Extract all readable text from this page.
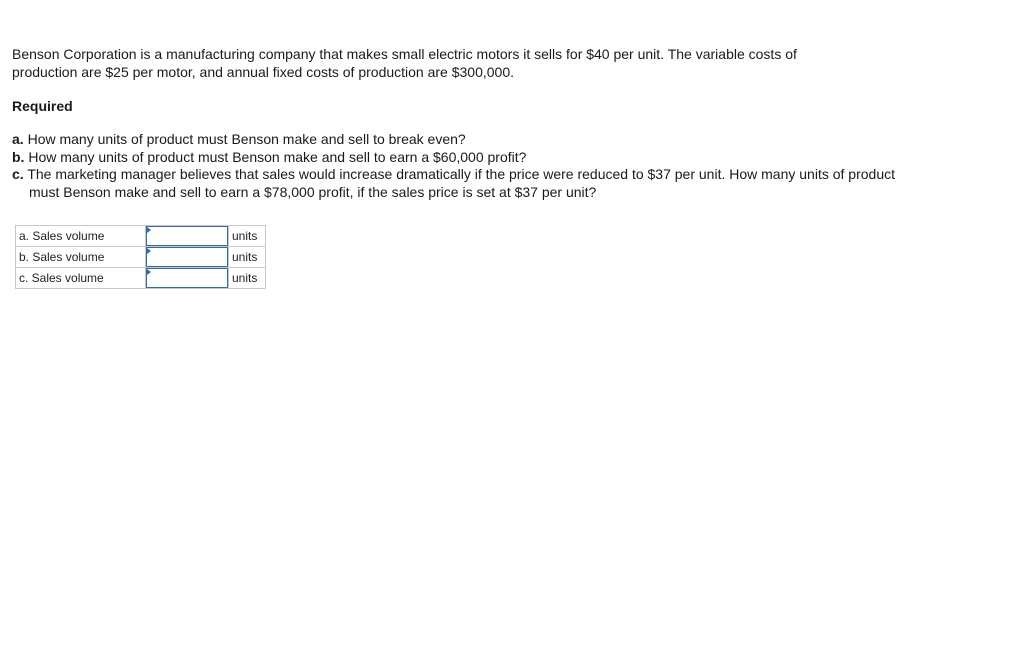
Benson Corporation is a manufacturing company that makes small electric motors it sells for $40 per unit. The variable costs of
production are $25 per motor, and annual fixed costs of production are $300,000.

Required

a. How many units of product must Benson make and sell to break even?

b. How many units of product must Benson make and sell to earn a $60,000 profit?

c. The marketing manager believes that sales would increase dramatically if the price were reduced to $37 per unit. How many units of product must Benson make and sell to earn a $78,000 profit, if the sales price is set at $37 per unit?

a. Sales volume		units
b. Sales volume		units
c. Sales volume		units
